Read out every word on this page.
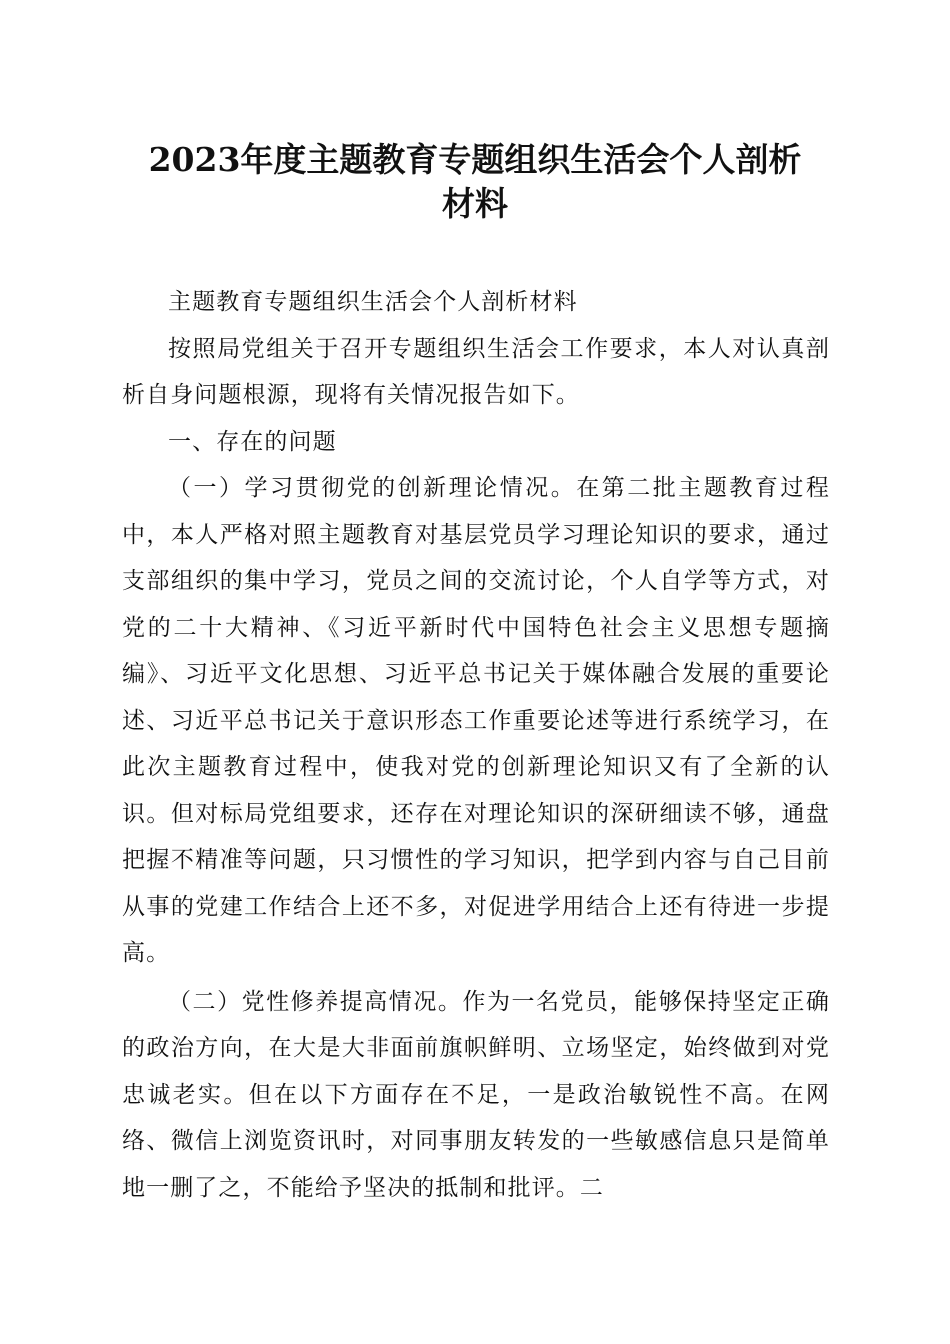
2023年度主题教育专题组织生活会个人剖析
材料

主题教育专题组织生活会个人剖析材料

按照局党组关于召开专题组织生活会工作要求，本人对认真剖析自身问题根源，现将有关情况报告如下。

一、存在的问题

（一）学习贯彻党的创新理论情况。在第二批主题教育过程中，本人严格对照主题教育对基层党员学习理论知识的要求，通过支部组织的集中学习，党员之间的交流讨论，个人自学等方式，对党的二十大精神、《习近平新时代中国特色社会主义思想专题摘编》、习近平文化思想、习近平总书记关于媒体融合发展的重要论述、习近平总书记关于意识形态工作重要论述等进行系统学习，在此次主题教育过程中，使我对党的创新理论知识又有了全新的认识。但对标局党组要求，还存在对理论知识的深研细读不够，通盘把握不精准等问题，只习惯性的学习知识，把学到内容与自己目前从事的党建工作结合上还不多，对促进学用结合上还有待进一步提高。

（二）党性修养提高情况。作为一名党员，能够保持坚定正确的政治方向，在大是大非面前旗帜鲜明、立场坚定，始终做到对党忠诚老实。但在以下方面存在不足，一是政治敏锐性不高。在网络、微信上浏览资讯时，对同事朋友转发的一些敏感信息只是简单地一删了之，不能给予坚决的抵制和批评。二
